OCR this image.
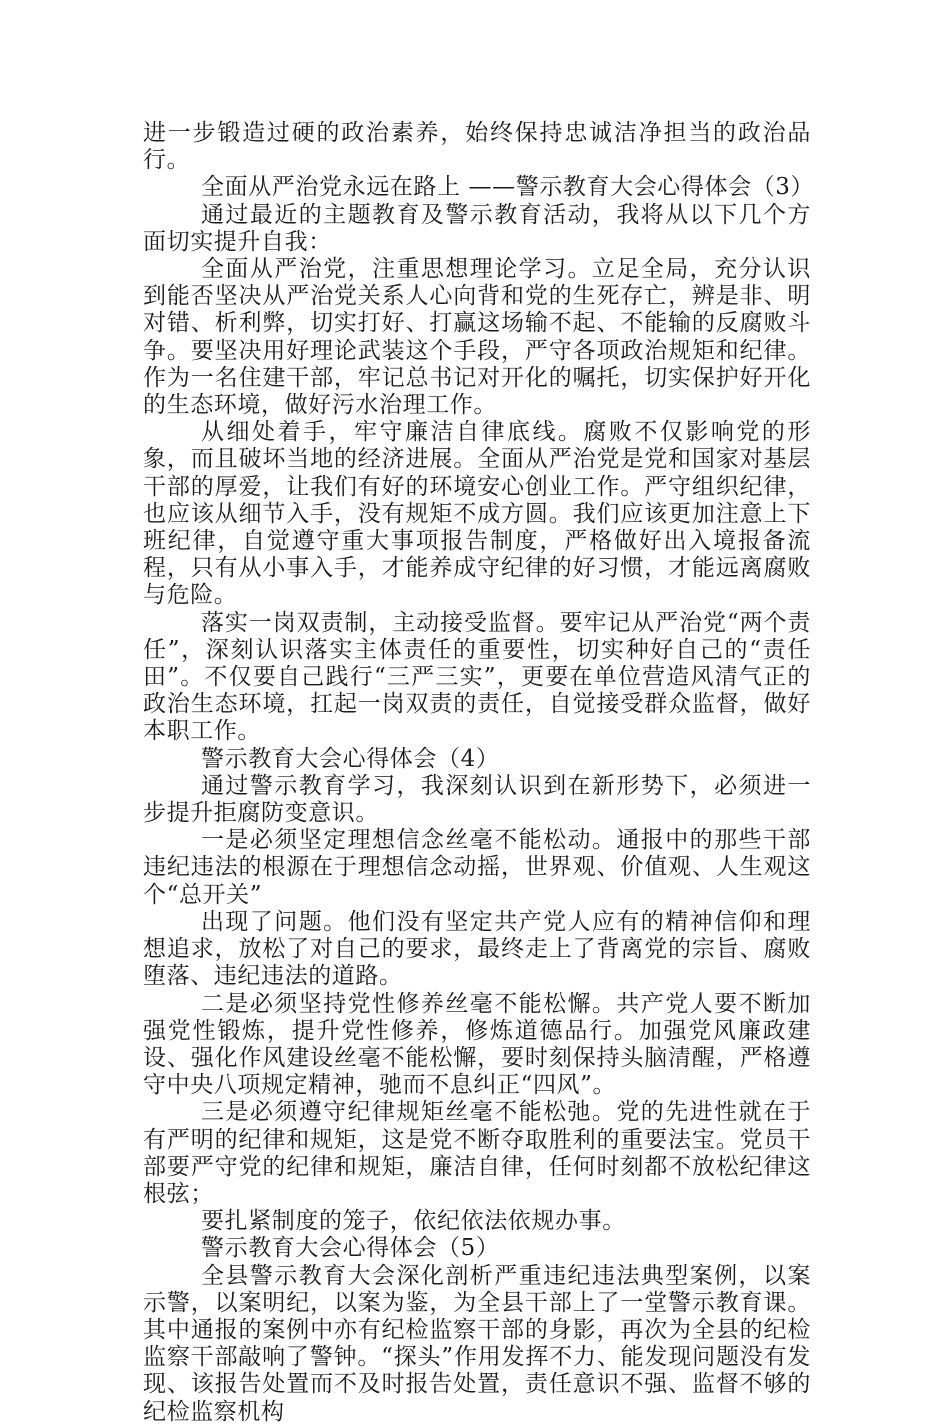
进一步锻造过硬的政治素养，始终保持忠诚洁净担当的政治品行。

全面从严治党永远在路上 ——警示教育大会心得体会（3）

通过最近的主题教育及警示教育活动，我将从以下几个方面切实提升自我：

全面从严治党，注重思想理论学习。立足全局，充分认识到能否坚决从严治党关系人心向背和党的生死存亡，辨是非、明对错、析利弊，切实打好、打赢这场输不起、不能输的反腐败斗争。要坚决用好理论武装这个手段，严守各项政治规矩和纪律。作为一名住建干部，牢记总书记对开化的嘱托，切实保护好开化的生态环境，做好污水治理工作。

从细处着手，牢守廉洁自律底线。腐败不仅影响党的形象，而且破坏当地的经济进展。全面从严治党是党和国家对基层干部的厚爱，让我们有好的环境安心创业工作。严守组织纪律，也应该从细节入手，没有规矩不成方圆。我们应该更加注意上下班纪律，自觉遵守重大事项报告制度，严格做好出入境报备流程，只有从小事入手，才能养成守纪律的好习惯，才能远离腐败与危险。

落实一岗双责制，主动接受监督。要牢记从严治党“两个责任”，深刻认识落实主体责任的重要性，切实种好自己的“责任田”。不仅要自己践行“三严三实”，更要在单位营造风清气正的政治生态环境，扛起一岗双责的责任，自觉接受群众监督，做好本职工作。

警示教育大会心得体会（4）

通过警示教育学习，我深刻认识到在新形势下，必须进一步提升拒腐防变意识。

一是必须坚定理想信念丝毫不能松动。通报中的那些干部违纪违法的根源在于理想信念动摇，世界观、价值观、人生观这个“总开关”

出现了问题。他们没有坚定共产党人应有的精神信仰和理想追求，放松了对自己的要求，最终走上了背离党的宗旨、腐败堕落、违纪违法的道路。

二是必须坚持党性修养丝毫不能松懈。共产党人要不断加强党性锻炼，提升党性修养，修炼道德品行。加强党风廉政建设、强化作风建设丝毫不能松懈，要时刻保持头脑清醒，严格遵守中央八项规定精神，驰而不息纠正“四风”。

三是必须遵守纪律规矩丝毫不能松弛。党的先进性就在于有严明的纪律和规矩，这是党不断夺取胜利的重要法宝。党员干部要严守党的纪律和规矩，廉洁自律，任何时刻都不放松纪律这根弦；

要扎紧制度的笼子，依纪依法依规办事。

警示教育大会心得体会（5）

全县警示教育大会深化剖析严重违纪违法典型案例，以案示警，以案明纪，以案为鉴，为全县干部上了一堂警示教育课。其中通报的案例中亦有纪检监察干部的身影，再次为全县的纪检监察干部敲响了警钟。“探头”作用发挥不力、能发现问题没有发现、该报告处置而不及时报告处置，责任意识不强、监督不够的纪检监察机构
